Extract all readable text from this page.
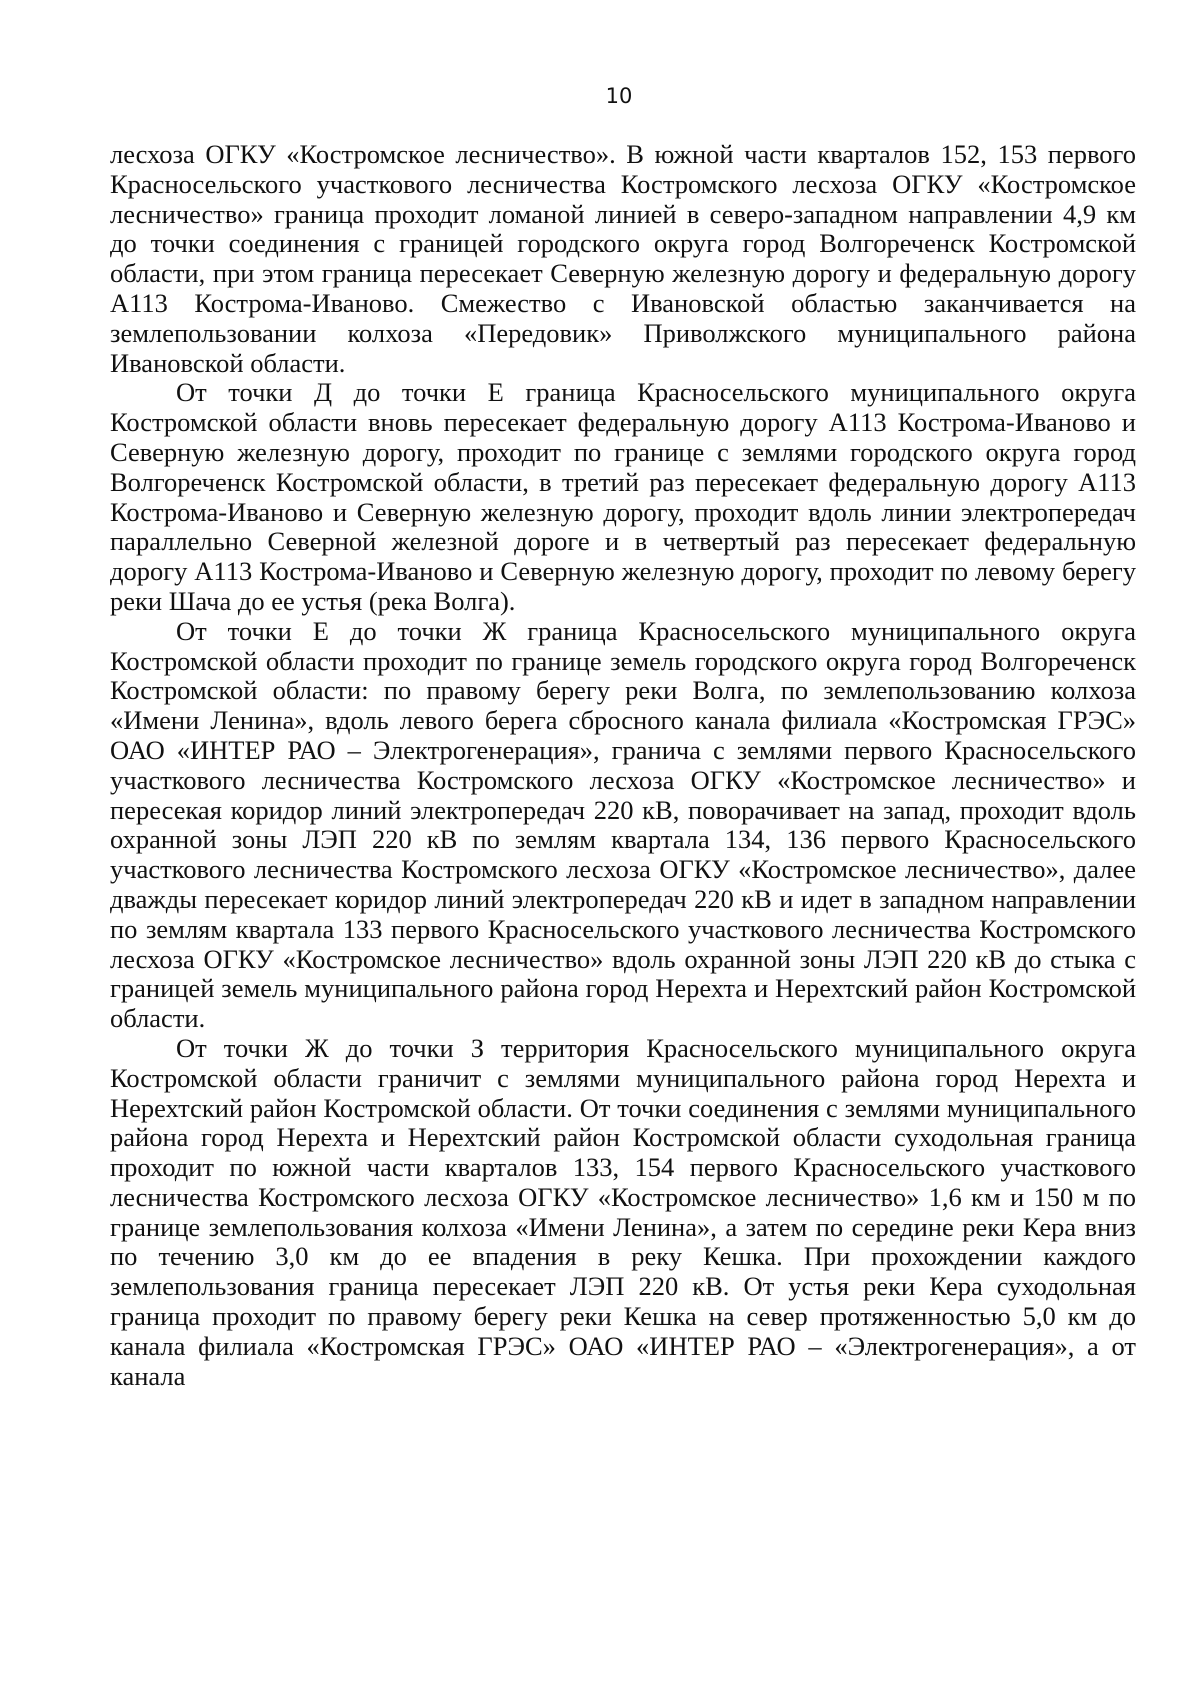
10

лесхоза ОГКУ «Костромское лесничество». В южной части кварталов 152, 153 первого Красносельского участкового лесничества Костромского лесхоза ОГКУ «Костромское лесничество» граница проходит ломаной линией в северо-западном направлении 4,9 км до точки соединения с границей городского округа город Волгореченск Костромской области, при этом граница пересекает Северную железную дорогу и федеральную дорогу А113 Кострома-Иваново. Смежество с Ивановской областью заканчивается на землепользовании колхоза «Передовик» Приволжского муниципального района Ивановской области.

От точки Д до точки Е граница Красносельского муниципального округа Костромской области вновь пересекает федеральную дорогу А113 Кострома-Иваново и Северную железную дорогу, проходит по границе с землями городского округа город Волгореченск Костромской области, в третий раз пересекает федеральную дорогу А113 Кострома-Иваново и Северную железную дорогу, проходит вдоль линии электропередач параллельно Северной железной дороге и в четвертый раз пересекает федеральную дорогу А113 Кострома-Иваново и Северную железную дорогу, проходит по левому берегу реки Шача до ее устья (река Волга).

От точки Е до точки Ж граница Красносельского муниципального округа Костромской области проходит по границе земель городского округа город Волгореченск Костромской области: по правому берегу реки Волга, по землепользованию колхоза «Имени Ленина», вдоль левого берега сбросного канала филиала «Костромская ГРЭС» ОАО «ИНТЕР РАО – Электрогенерация», гранича с землями первого Красносельского участкового лесничества Костромского лесхоза ОГКУ «Костромское лесничество» и пересекая коридор линий электропередач 220 кВ, поворачивает на запад, проходит вдоль охранной зоны ЛЭП 220 кВ по землям квартала 134, 136 первого Красносельского участкового лесничества Костромского лесхоза ОГКУ «Костромское лесничество», далее дважды пересекает коридор линий электропередач 220 кВ и идет в западном направлении по землям квартала 133 первого Красносельского участкового лесничества Костромского лесхоза ОГКУ «Костромское лесничество» вдоль охранной зоны ЛЭП 220 кВ до стыка с границей земель муниципального района город Нерехта и Нерехтский район Костромской области.

От точки Ж до точки З территория Красносельского муниципального округа Костромской области граничит с землями муниципального района город Нерехта и Нерехтский район Костромской области. От точки соединения с землями муниципального района город Нерехта и Нерехтский район Костромской области суходольная граница проходит по южной части кварталов 133, 154 первого Красносельского участкового лесничества Костромского лесхоза ОГКУ «Костромское лесничество» 1,6 км и 150 м по границе землепользования колхоза «Имени Ленина», а затем по середине реки Кера вниз по течению 3,0 км до ее впадения в реку Кешка. При прохождении каждого землепользования граница пересекает ЛЭП 220 кВ. От устья реки Кера суходольная граница проходит по правому берегу реки Кешка на север протяженностью 5,0 км до канала филиала «Костромская ГРЭС» ОАО «ИНТЕР РАО – «Электрогенерация», а от канала
